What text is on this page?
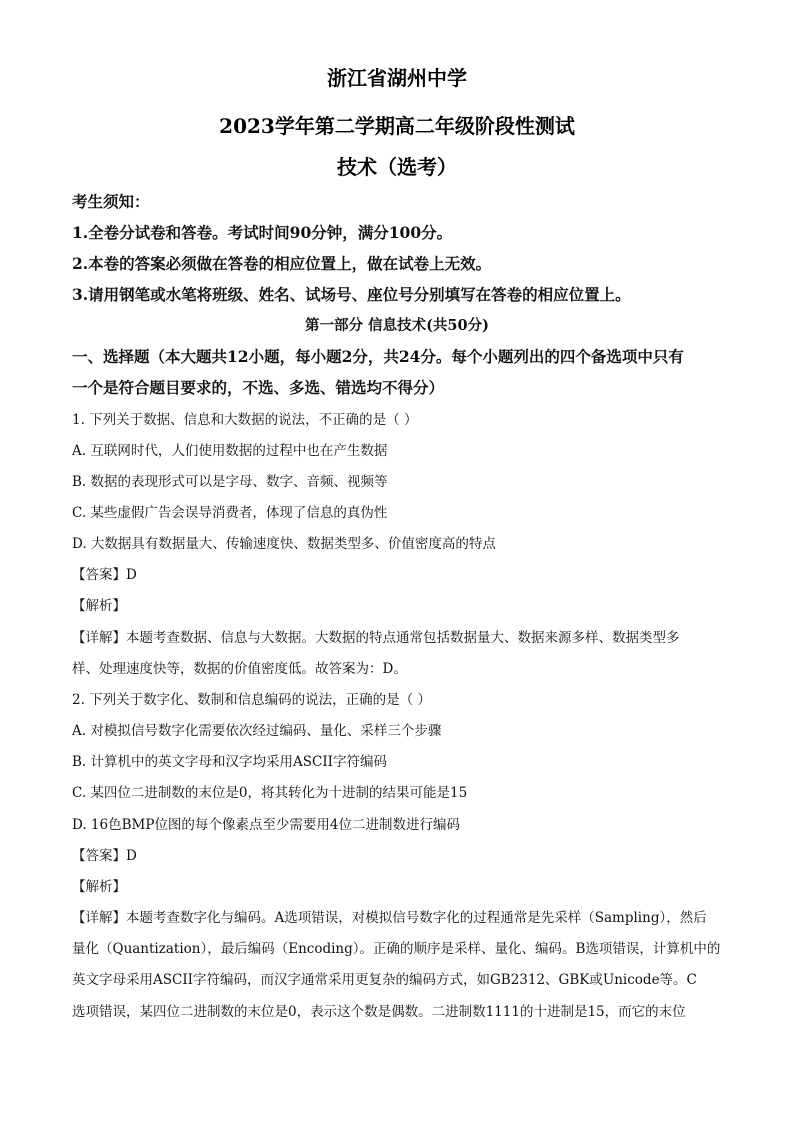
浙江省湖州中学
2023学年第二学期高二年级阶段性测试
技术（选考）
考生须知：
1.全卷分试卷和答卷。考试时间90分钟，满分100分。
2.本卷的答案必须做在答卷的相应位置上，做在试卷上无效。
3.请用钢笔或水笔将班级、姓名、试场号、座位号分别填写在答卷的相应位置上。
第一部分 信息技术(共50分)
一、选择题（本大题共12小题，每小题2分，共24分。每个小题列出的四个备选项中只有
一个是符合题目要求的，不选、多选、错选均不得分）
1. 下列关于数据、信息和大数据的说法，不正确的是（ ）
A. 互联网时代，人们使用数据的过程中也在产生数据
B. 数据的表现形式可以是字母、数字、音频、视频等
C. 某些虚假广告会误导消费者，体现了信息的真伪性
D. 大数据具有数据量大、传输速度快、数据类型多、价值密度高的特点
【答案】D
【解析】
【详解】本题考查数据、信息与大数据。大数据的特点通常包括数据量大、数据来源多样、数据类型多
样、处理速度快等，数据的价值密度低。故答案为：D。
2. 下列关于数字化、数制和信息编码的说法，正确的是（ ）
A. 对模拟信号数字化需要依次经过编码、量化、采样三个步骤
B. 计算机中的英文字母和汉字均采用ASCII字符编码
C. 某四位二进制数的末位是0，将其转化为十进制的结果可能是15
D. 16色BMP位图的每个像素点至少需要用4位二进制数进行编码
【答案】D
【解析】
【详解】本题考查数字化与编码。A选项错误，对模拟信号数字化的过程通常是先采样（Sampling），然后
量化（Quantization），最后编码（Encoding）。正确的顺序是采样、量化、编码。B选项错误，计算机中的
英文字母采用ASCII字符编码，而汉字通常采用更复杂的编码方式，如GB2312、GBK或Unicode等。C
选项错误，某四位二进制数的末位是0，表示这个数是偶数。二进制数1111的十进制是15，而它的末位
